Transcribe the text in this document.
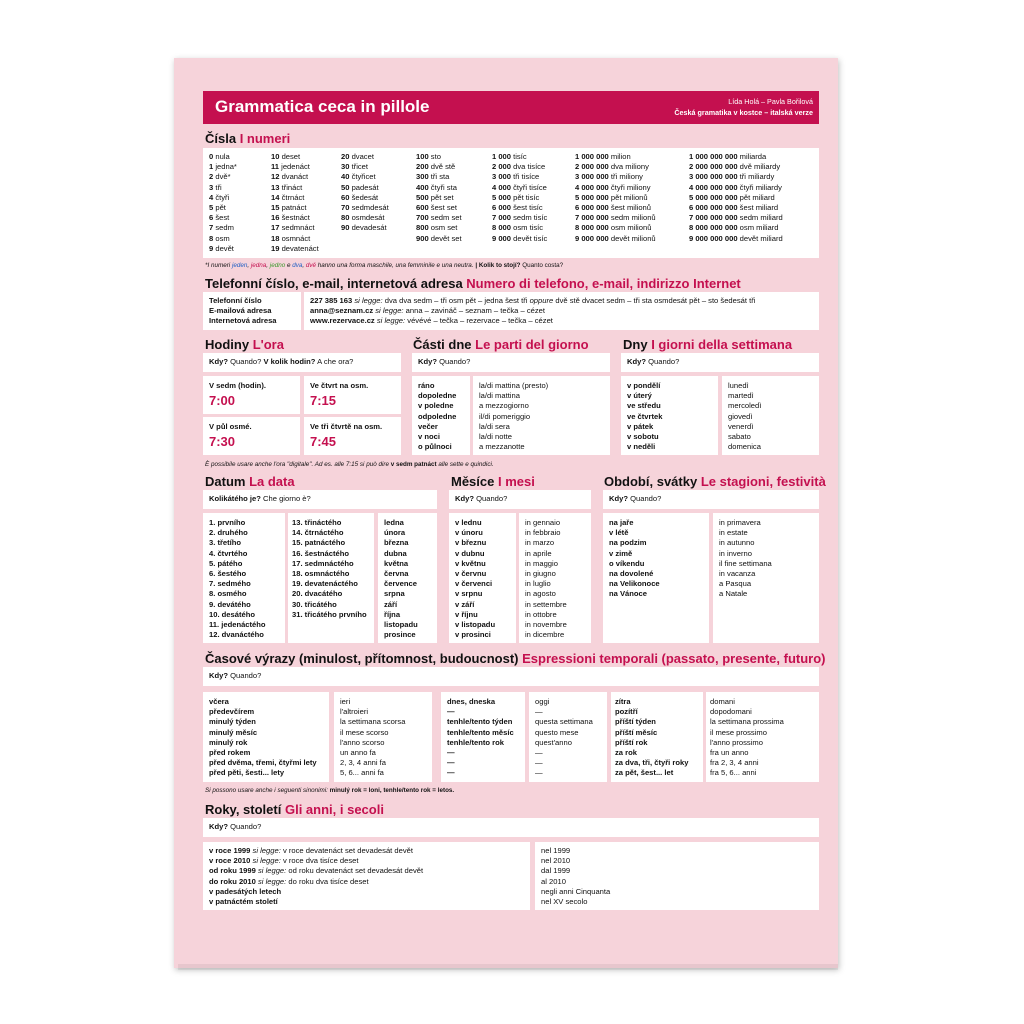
Grammatica ceca in pillole	Lída Holá – Pavla Bořilová
Česká gramatika v kostce – italská verze
Čísla I numeri
0 nula
1 jedna*
2 dvě*
3 tři
4 čtyři
5 pět
6 šest
7 sedm
8 osm
9 devět
10 deset
11 jedenáct
12 dvanáct
13 třináct
14 čtrnáct
15 patnáct
16 šestnáct
17 sedmnáct
18 osmnáct
19 devatenáct
20 dvacet
30 třicet
40 čtyřicet
50 padesát
60 šedesát
70 sedmdesát
80 osmdesát
90 devadesát
100 sto
200 dvě stě
300 tři sta
400 čtyři sta
500 pět set
600 šest set
700 sedm set
800 osm set
900 devět set
1 000 tisíc
2 000 dva tisíce
3 000 tři tisíce
4 000 čtyři tisíce
5 000 pět tisíc
6 000 šest tisíc
7 000 sedm tisíc
8 000 osm tisíc
9 000 devět tisíc
1 000 000 milion
2 000 000 dva miliony
3 000 000 tři miliony
4 000 000 čtyři miliony
5 000 000 pět milionů
6 000 000 šest milionů
7 000 000 sedm milionů
8 000 000 osm milionů
9 000 000 devět milionů
1 000 000 000 miliarda
2 000 000 000 dvě miliardy
3 000 000 000 tři miliardy
4 000 000 000 čtyři miliardy
5 000 000 000 pět miliard
6 000 000 000 šest miliard
7 000 000 000 sedm miliard
8 000 000 000 osm miliard
9 000 000 000 devět miliard
*I numeri jeden, jedna, jedno e dva, dvě hanno una forma maschile, una femminile e una neutra. | Kolik to stojí? Quanto costa?
Telefonní číslo, e-mail, internetová adresa Numero di telefono, e-mail, indirizzo Internet
Telefonní číslo
E-mailová adresa
Internetová adresa
227 385 163 si legge: dva dva sedm – tři osm pět – jedna šest tři oppure dvě stě dvacet sedm – tři sta osmdesát pět – sto šedesát tři
anna@seznam.cz si legge: anna – zavináč – seznam – tečka – cézet
www.rezervace.cz si legge: vévévé – tečka – rezervace – tečka – cézet
Hodiny L'ora
Kdy? Quando? V kolik hodin? A che ora?
V sedm (hodin).
7:00
Ve čtvrt na osm.
7:15
V půl osmé.
7:30
Ve tři čtvrtě na osm.
7:45
È possibile usare anche l'ora "digitale". Ad es. alle 7:15 si può dire v sedm patnáct alle sette e quindici.
Části dne Le parti del giorno
Kdy? Quando?
ráno
dopoledne
v poledne
odpoledne
večer
v noci
o půlnoci
la/di mattina (presto)
la/di mattina
a mezzogiorno
il/di pomeriggio
la/di sera
la/di notte
a mezzanotte
Dny I giorni della settimana
Kdy? Quando?
v pondělí
v úterý
ve středu
ve čtvrtek
v pátek
v sobotu
v neděli
lunedì
martedì
mercoledì
giovedì
venerdì
sabato
domenica
Datum La data
Kolikátého je? Che giorno è?
1. prvního
2. druhého
3. třetího
4. čtvrtého
5. pátého
6. šestého
7. sedmého
8. osmého
9. devátého
10. desátého
11. jedenáctého
12. dvanáctého
13. třináctého
14. čtrnáctého
15. patnáctého
16. šestnáctého
17. sedmnáctého
18. osmnáctého
19. devatenáctého
20. dvacátého
30. třicátého
31. třicátého prvního
ledna
února
března
dubna
května
června
července
srpna
září
října
listopadu
prosince
Měsíce I mesi
Kdy? Quando?
v lednu
v únoru
v březnu
v dubnu
v květnu
v červnu
v červenci
v srpnu
v září
v říjnu
v listopadu
v prosinci
in gennaio
in febbraio
in marzo
in aprile
in maggio
in giugno
in luglio
in agosto
in settembre
in ottobre
in novembre
in dicembre
Období, svátky Le stagioni, festività
Kdy? Quando?
na jaře
v létě
na podzim
v zimě
o víkendu
na dovolené
na Velikonoce
na Vánoce
in primavera
in estate
in autunno
in inverno
il fine settimana
in vacanza
a Pasqua
a Natale
Časové výrazy (minulost, přítomnost, budoucnost) Espressioni temporali (passato, presente, futuro)
Kdy? Quando?
včera
předevčírem
minulý týden
minulý měsíc
minulý rok
před rokem
před dvěma, třemi, čtyřmi lety
před pěti, šesti... lety
ieri
l'altroieri
la settimana scorsa
il mese scorso
l'anno scorso
un anno fa
2, 3, 4 anni fa
5, 6... anni fa
dnes, dneska
—
tenhle/tento týden
tenhle/tento měsíc
tenhle/tento rok
—
—
—
oggi
—
questa settimana
questo mese
quest'anno
—
—
—
zítra
pozítří
příští týden
příští měsíc
příští rok
za rok
za dva, tři, čtyři roky
za pět, šest... let
domani
dopodomani
la settimana prossima
il mese prossimo
l'anno prossimo
fra un anno
fra 2, 3, 4 anni
fra 5, 6... anni
Si possono usare anche i seguenti sinonimi: minulý rok = loni, tenhle/tento rok = letos.
Roky, století Gli anni, i secoli
Kdy? Quando?
v roce 1999 si legge: v roce devatenáct set devadesát devět
v roce 2010 si legge: v roce dva tisíce deset
od roku 1999 si legge: od roku devatenáct set devadesát devět
do roku 2010 si legge: do roku dva tisíce deset
v padesátých letech
v patnáctém století
nel 1999
nel 2010
dal 1999
al 2010
negli anni Cinquanta
nel XV secolo
